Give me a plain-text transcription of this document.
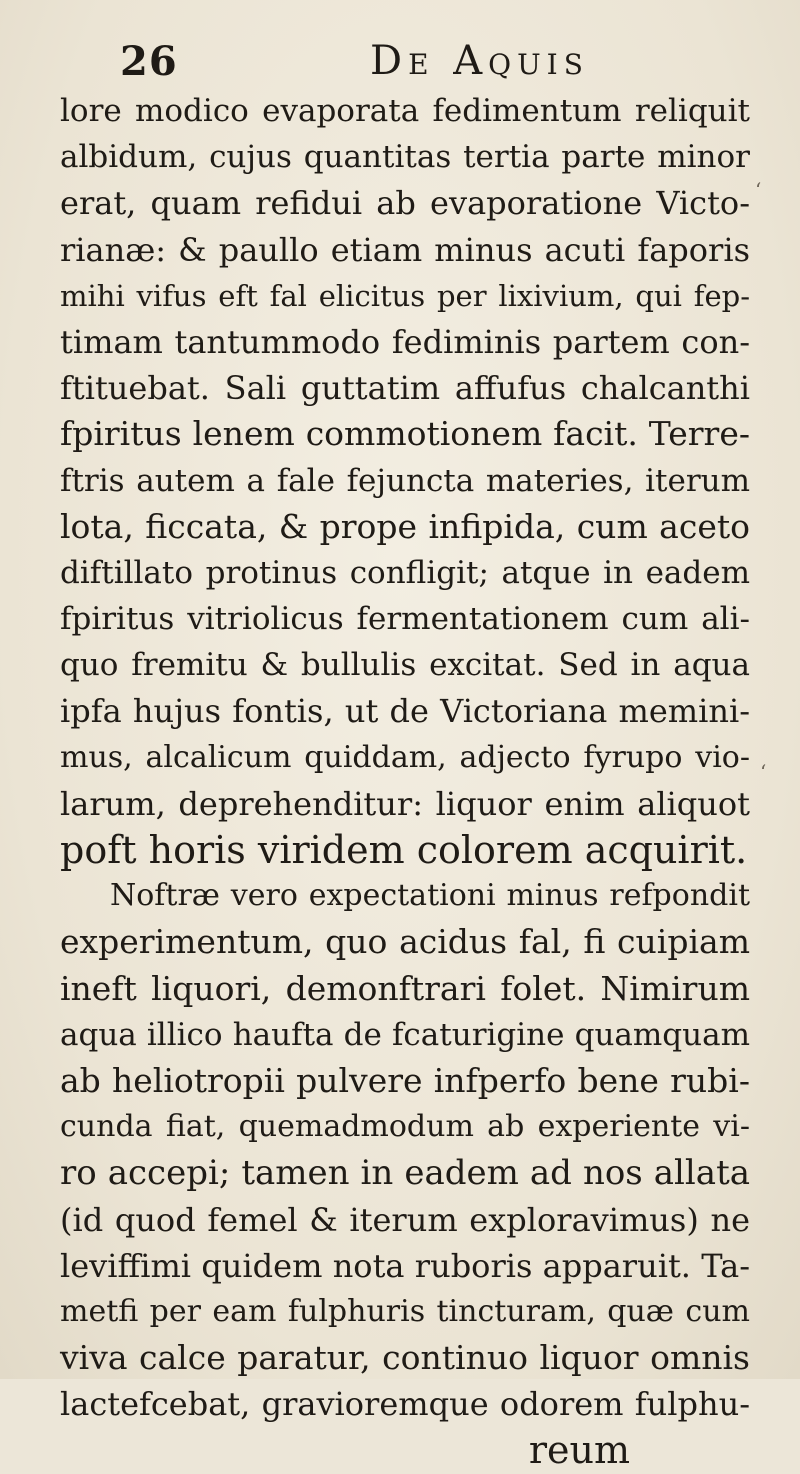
26	De Aquis
‘
‘
lore modico evaporata fedimentum reliquit
albidum, cujus quantitas tertia parte minor
erat, quam refidui ab evaporatione Victo-
rianæ: & paullo etiam minus acuti faporis
mihi vifus eft fal elicitus per lixivium, qui fep-
timam tantummodo fediminis partem con-
ftituebat. Sali guttatim affufus chalcanthi
fpiritus lenem commotionem facit. Terre-
ftris autem a fale fejuncta materies, iterum
lota, ficcata, & prope infipida, cum aceto
diftillato protinus confligit; atque in eadem
fpiritus vitriolicus fermentationem cum ali-
quo fremitu & bullulis excitat. Sed in aqua
ipfa hujus fontis, ut de Victoriana memini-
mus, alcalicum quiddam, adjecto fyrupo vio-
larum, deprehenditur: liquor enim aliquot
poft horis viridem colorem acquirit.
Noftræ vero expectationi minus refpondit
experimentum, quo acidus fal, fi cuipiam
ineft liquori, demonftrari folet. Nimirum
aqua illico haufta de fcaturigine quamquam
ab heliotropii pulvere infperfo bene rubi-
cunda fiat, quemadmodum ab experiente vi-
ro accepi; tamen in eadem ad nos allata
(id quod femel & iterum exploravimus) ne
leviffimi quidem nota ruboris apparuit. Ta-
metfi per eam fulphuris tincturam, quæ cum
viva calce paratur, continuo liquor omnis
lactefcebat, gravioremque odorem fulphu-
reum
